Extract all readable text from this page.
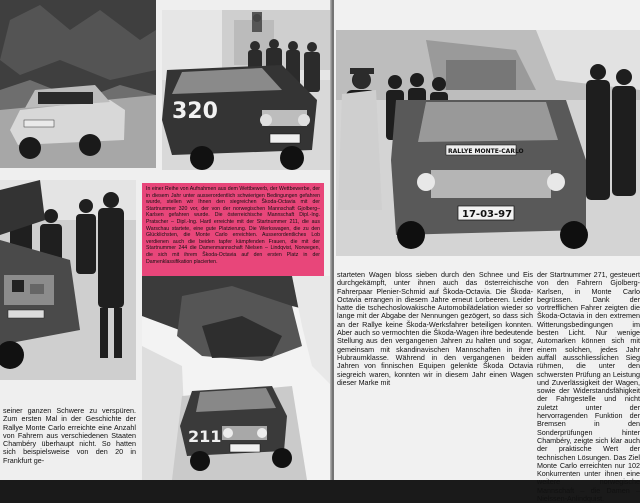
320
In einer Reihe von Aufnahmen aus dem Wettbewerb, der Wettbewerbe, der in diesem Jahr unter ausserordentlich schwierigen Bedingungen gefahren wurde, stellen wir Ihnen den siegreichen Škoda-Octavia mit der Startnummer 320 vor, der von der norwegischen Mannschaft Gjolberg–Karlsen gefahren wurde. Die österreichische Mannschaft Dipl.-Ing. Pratscher – Dipl.-Ing. Hartl erreichte mit der Startnummer 211, die aus Warschau startete, eine gute Platzierung. Die Werkswagen, die zu den Glücklichsten, die Monte Carlo erreichten. Ausserordentliches Lob verdienen auch die beiden tapfer kämpfenden Frauen, die mit der Startnummer 244 die Damenmannschaft Nielsen – Lindqvist, Norwegen, die sich mit ihrem Škoda-Octavia auf den ersten Platz in der Damenklassifikation placierten.
211
seiner ganzen Schwere zu verspüren. Zum ersten Mal in der Geschichte der Rallye Monte Carlo erreichte eine Anzahl von Fahrern aus verschiedenen Staaten Chambéry überhaupt nicht. So hatten sich beispielsweise von den 20 in Frankfurt ge-
RALLYE MONTE-CARLO
17-03-97
starteten Wagen bloss sieben durch den Schnee und Eis durchgekämpft, unter ihnen auch das österreichische Fahrerpaar Plenier-Schmid auf Škoda-Octavia. Die Škoda-Octavia errangen in diesem Jahre erneut Lorbeeren. Leider hatte die tschechoslowakische Automobilädelation wieder so lange mit der Abgabe der Nennungen gezögert, so dass sich an der Rallye keine Škoda-Werksfahrer beteiligen konnten. Aber auch so vermochten die Škoda-Wagen ihre bedeutende Stellung aus den vergangenen Jahren zu halten und sogar, gemeinsam mit skandinavischen Mannschaften in ihrer Hubraumklasse. Während in den vergangenen beiden Jahren von finnischen Equipen gelenkte Škoda Octavia siegreich waren, konnten wir in diesem Jahr einen Wagen dieser Marke mit
der Startnummer 271, gesteuert von den Fahrern Gjolberg-Karlsen, in Monte Carlo begrüssen. Dank der vortrefflichen Fahrer zeigten die Škoda-Octavia in den extremen Witterungsbedingungen im besten Licht. Nur wenige Automarken können sich mit einem solchen, jedes Jahr auffall ausschliesslichen Sieg rühmen, die unter den schwersten Prüfung an Leistung und Zuverlässigkeit der Wagen, sowie der Widerstandsfähigkeit der Fahrgestelle und nicht zuletzt unter der hervorragenden Funktion der Bremsen in den Sonderprüfungen hinter Chambéry, zeigte sich klar auch der praktische Wert der technischen Lösungen. Das Ziel Monte Carlo erreichten nur 102 Konkurrenten unter ihnen eine weitere norwegische Mannschaft – die Damen – Nielssen-Anlindquist.
